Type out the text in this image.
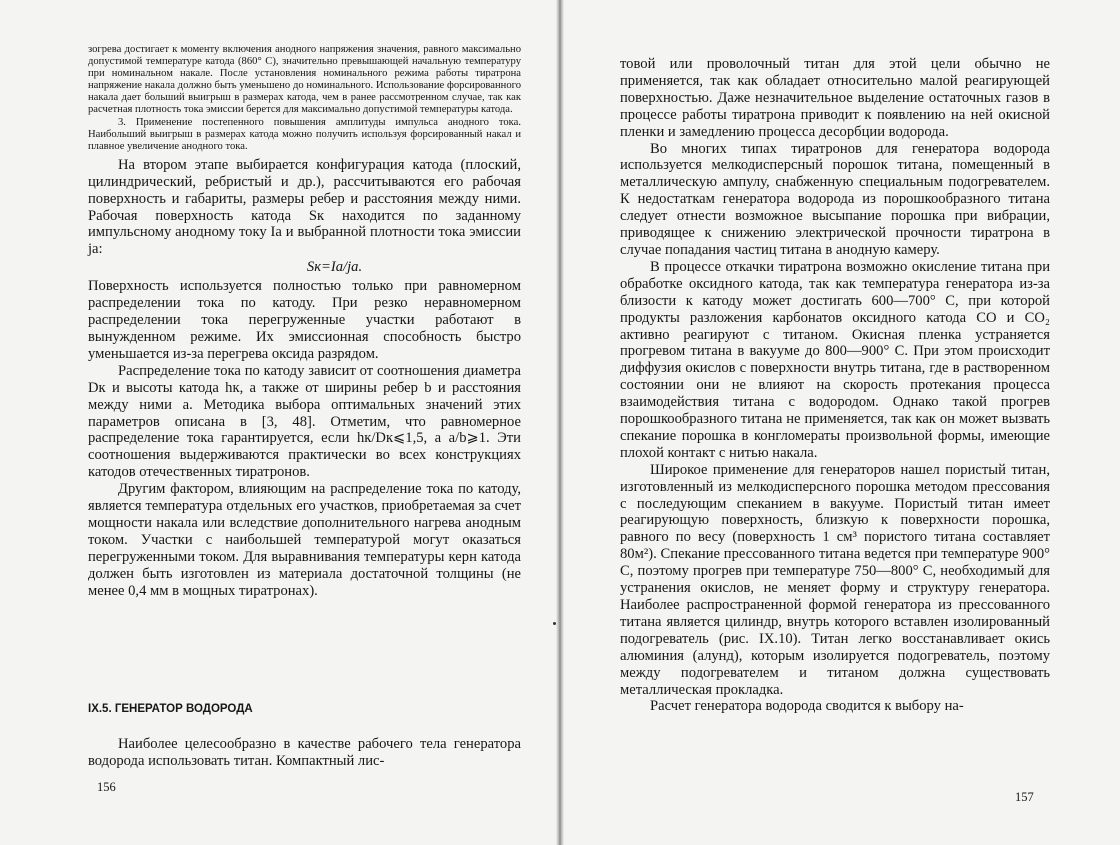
зогрева достигает к моменту включения анодного напряжения значения, равного максимально допустимой температуре катода (860° С), значительно превышающей начальную температуру при номинальном накале. После установления номинального режима работы тиратрона напряжение накала должно быть уменьшено до номинального. Использование форсированного накала дает больший выигрыш в размерах катода, чем в ранее рассмотренном случае, так как расчетная плотность тока эмиссии берется для максимально допустимой температуры катода.

3. Применение постепенного повышения амплитуды импульса анодного тока. Наибольший выигрыш в размерах катода можно получить используя форсированный накал и плавное увеличение анодного тока.

На втором этапе выбирается конфигурация катода (плоский, цилиндрический, ребристый и др.), рассчитываются его рабочая поверхность и габариты, размеры ребер и расстояния между ними. Рабочая поверхность катода Sк находится по заданному импульсному анодному току Iа и выбранной плотности тока эмиссии jа:

Sк=Iа/jа.

Поверхность используется полностью только при равномерном распределении тока по катоду. При резко неравномерном распределении тока перегруженные участки работают в вынужденном режиме. Их эмиссионная способность быстро уменьшается из-за перегрева оксида разрядом.

Распределение тока по катоду зависит от соотношения диаметра Dк и высоты катода hк, а также от ширины ребер b и расстояния между ними a. Методика выбора оптимальных значений этих параметров описана в [3, 48]. Отметим, что равномерное распределение тока гарантируется, если hк/Dк⩽1,5, а a/b⩾1. Эти соотношения выдерживаются практически во всех конструкциях катодов отечественных тиратронов.

Другим фактором, влияющим на распределение тока по катоду, является температура отдельных его участков, приобретаемая за счет мощности накала или вследствие дополнительного нагрева анодным током. Участки с наибольшей температурой могут оказаться перегруженными током. Для выравнивания температуры керн катода должен быть изготовлен из материала достаточной толщины (не менее 0,4 мм в мощных тиратронах).

IX.5. ГЕНЕРАТОР ВОДОРОДА

Наиболее целесообразно в качестве рабочего тела генератора водорода использовать титан. Компактный лис-

156

товой или проволочный титан для этой цели обычно не применяется, так как обладает относительно малой реагирующей поверхностью. Даже незначительное выделение остаточных газов в процессе работы тиратрона приводит к появлению на ней окисной пленки и замедлению процесса десорбции водорода.

Во многих типах тиратронов для генератора водорода используется мелкодисперсный порошок титана, помещенный в металлическую ампулу, снабженную специальным подогревателем. К недостаткам генератора водорода из порошкообразного титана следует отнести возможное высыпание порошка при вибрации, приводящее к снижению электрической прочности тиратрона в случае попадания частиц титана в анодную камеру.

В процессе откачки тиратрона возможно окисление титана при обработке оксидного катода, так как температура генератора из-за близости к катоду может достигать 600—700° С, при которой продукты разложения карбонатов оксидного катода CO и CO₂ активно реагируют с титаном. Окисная пленка устраняется прогревом титана в вакууме до 800—900° С. При этом происходит диффузия окислов с поверхности внутрь титана, где в растворенном состоянии они не влияют на скорость протекания процесса взаимодействия титана с водородом. Однако такой прогрев порошкообразного титана не применяется, так как он может вызвать спекание порошка в конгломераты произвольной формы, имеющие плохой контакт с нитью накала.

Широкое применение для генераторов нашел пористый титан, изготовленный из мелкодисперсного порошка методом прессования с последующим спеканием в вакууме. Пористый титан имеет реагирующую поверхность, близкую к поверхности порошка, равного по весу (поверхность 1 см³ пористого титана составляет 80м²). Спекание прессованного титана ведется при температуре 900° С, поэтому прогрев при температуре 750—800° С, необходимый для устранения окислов, не меняет форму и структуру генератора. Наиболее распространенной формой генератора из прессованного титана является цилиндр, внутрь которого вставлен изолированный подогреватель (рис. IX.10). Титан легко восстанавливает окись алюминия (алунд), которым изолируется подогреватель, поэтому между подогревателем и титаном должна существовать металлическая прокладка.

Расчет генератора водорода сводится к выбору на-

157
